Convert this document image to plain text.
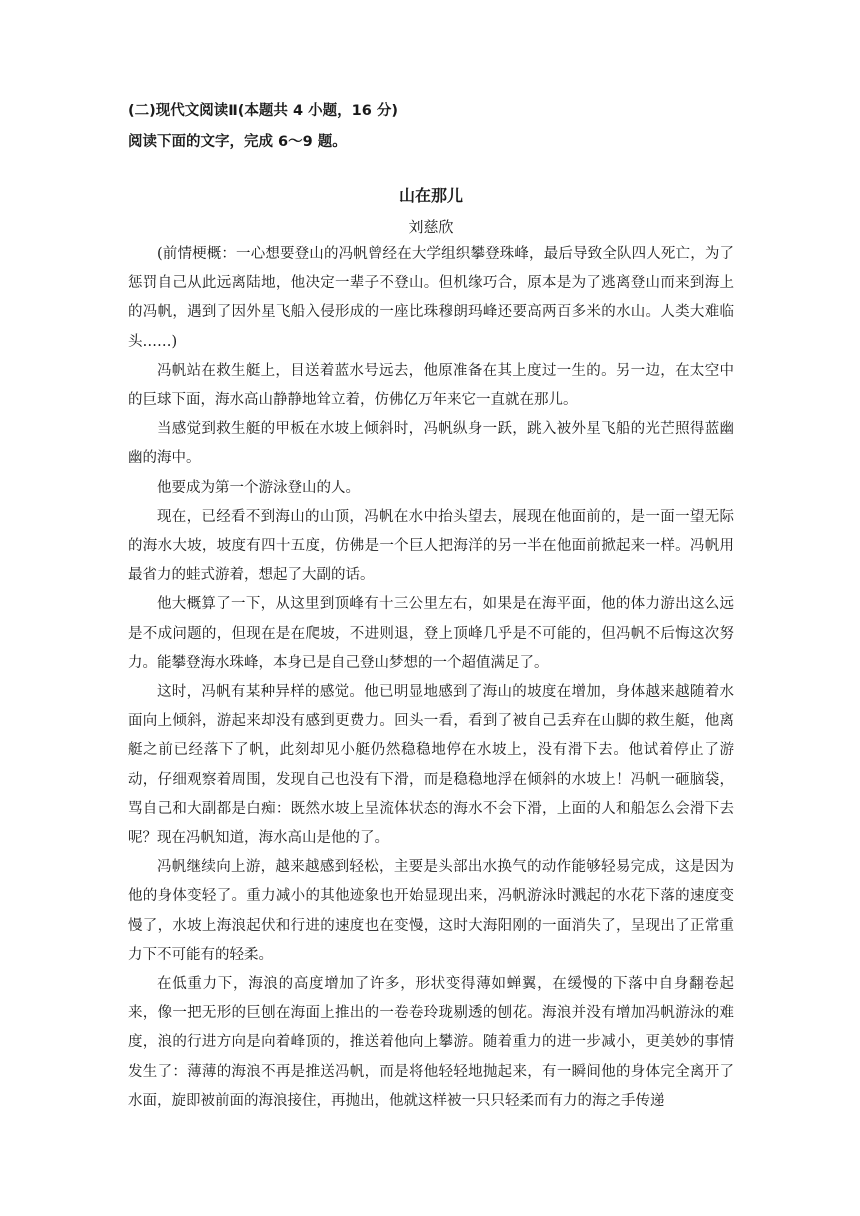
(二)现代文阅读Ⅱ(本题共 4 小题，16 分)

阅读下面的文字，完成 6～9 题。

山在那儿
刘慈欣

(前情梗概：一心想要登山的冯帆曾经在大学组织攀登珠峰，最后导致全队四人死亡，为了惩罚自己从此远离陆地，他决定一辈子不登山。但机缘巧合，原本是为了逃离登山而来到海上的冯帆，遇到了因外星飞船入侵形成的一座比珠穆朗玛峰还要高两百多米的水山。人类大难临头……)

冯帆站在救生艇上，目送着蓝水号远去，他原准备在其上度过一生的。另一边，在太空中的巨球下面，海水高山静静地耸立着，仿佛亿万年来它一直就在那儿。

当感觉到救生艇的甲板在水坡上倾斜时，冯帆纵身一跃，跳入被外星飞船的光芒照得蓝幽幽的海中。

他要成为第一个游泳登山的人。

现在，已经看不到海山的山顶，冯帆在水中抬头望去，展现在他面前的，是一面一望无际的海水大坡，坡度有四十五度，仿佛是一个巨人把海洋的另一半在他面前掀起来一样。冯帆用最省力的蛙式游着，想起了大副的话。

他大概算了一下，从这里到顶峰有十三公里左右，如果是在海平面，他的体力游出这么远是不成问题的，但现在是在爬坡，不进则退，登上顶峰几乎是不可能的，但冯帆不后悔这次努力。能攀登海水珠峰，本身已是自己登山梦想的一个超值满足了。

这时，冯帆有某种异样的感觉。他已明显地感到了海山的坡度在增加，身体越来越随着水面向上倾斜，游起来却没有感到更费力。回头一看，看到了被自己丢弃在山脚的救生艇，他离艇之前已经落下了帆，此刻却见小艇仍然稳稳地停在水坡上，没有滑下去。他试着停止了游动，仔细观察着周围，发现自己也没有下滑，而是稳稳地浮在倾斜的水坡上！冯帆一砸脑袋，骂自己和大副都是白痴：既然水坡上呈流体状态的海水不会下滑，上面的人和船怎么会滑下去呢？现在冯帆知道，海水高山是他的了。

冯帆继续向上游，越来越感到轻松，主要是头部出水换气的动作能够轻易完成，这是因为他的身体变轻了。重力减小的其他迹象也开始显现出来，冯帆游泳时溅起的水花下落的速度变慢了，水坡上海浪起伏和行进的速度也在变慢，这时大海阳刚的一面消失了，呈现出了正常重力下不可能有的轻柔。

在低重力下，海浪的高度增加了许多，形状变得薄如蝉翼，在缓慢的下落中自身翻卷起来，像一把无形的巨刨在海面上推出的一卷卷玲珑剔透的刨花。海浪并没有增加冯帆游泳的难度，浪的行进方向是向着峰顶的，推送着他向上攀游。随着重力的进一步减小，更美妙的事情发生了：薄薄的海浪不再是推送冯帆，而是将他轻轻地抛起来，有一瞬间他的身体完全离开了水面，旋即被前面的海浪接住，再抛出，他就这样被一只只轻柔而有力的海之手传递
